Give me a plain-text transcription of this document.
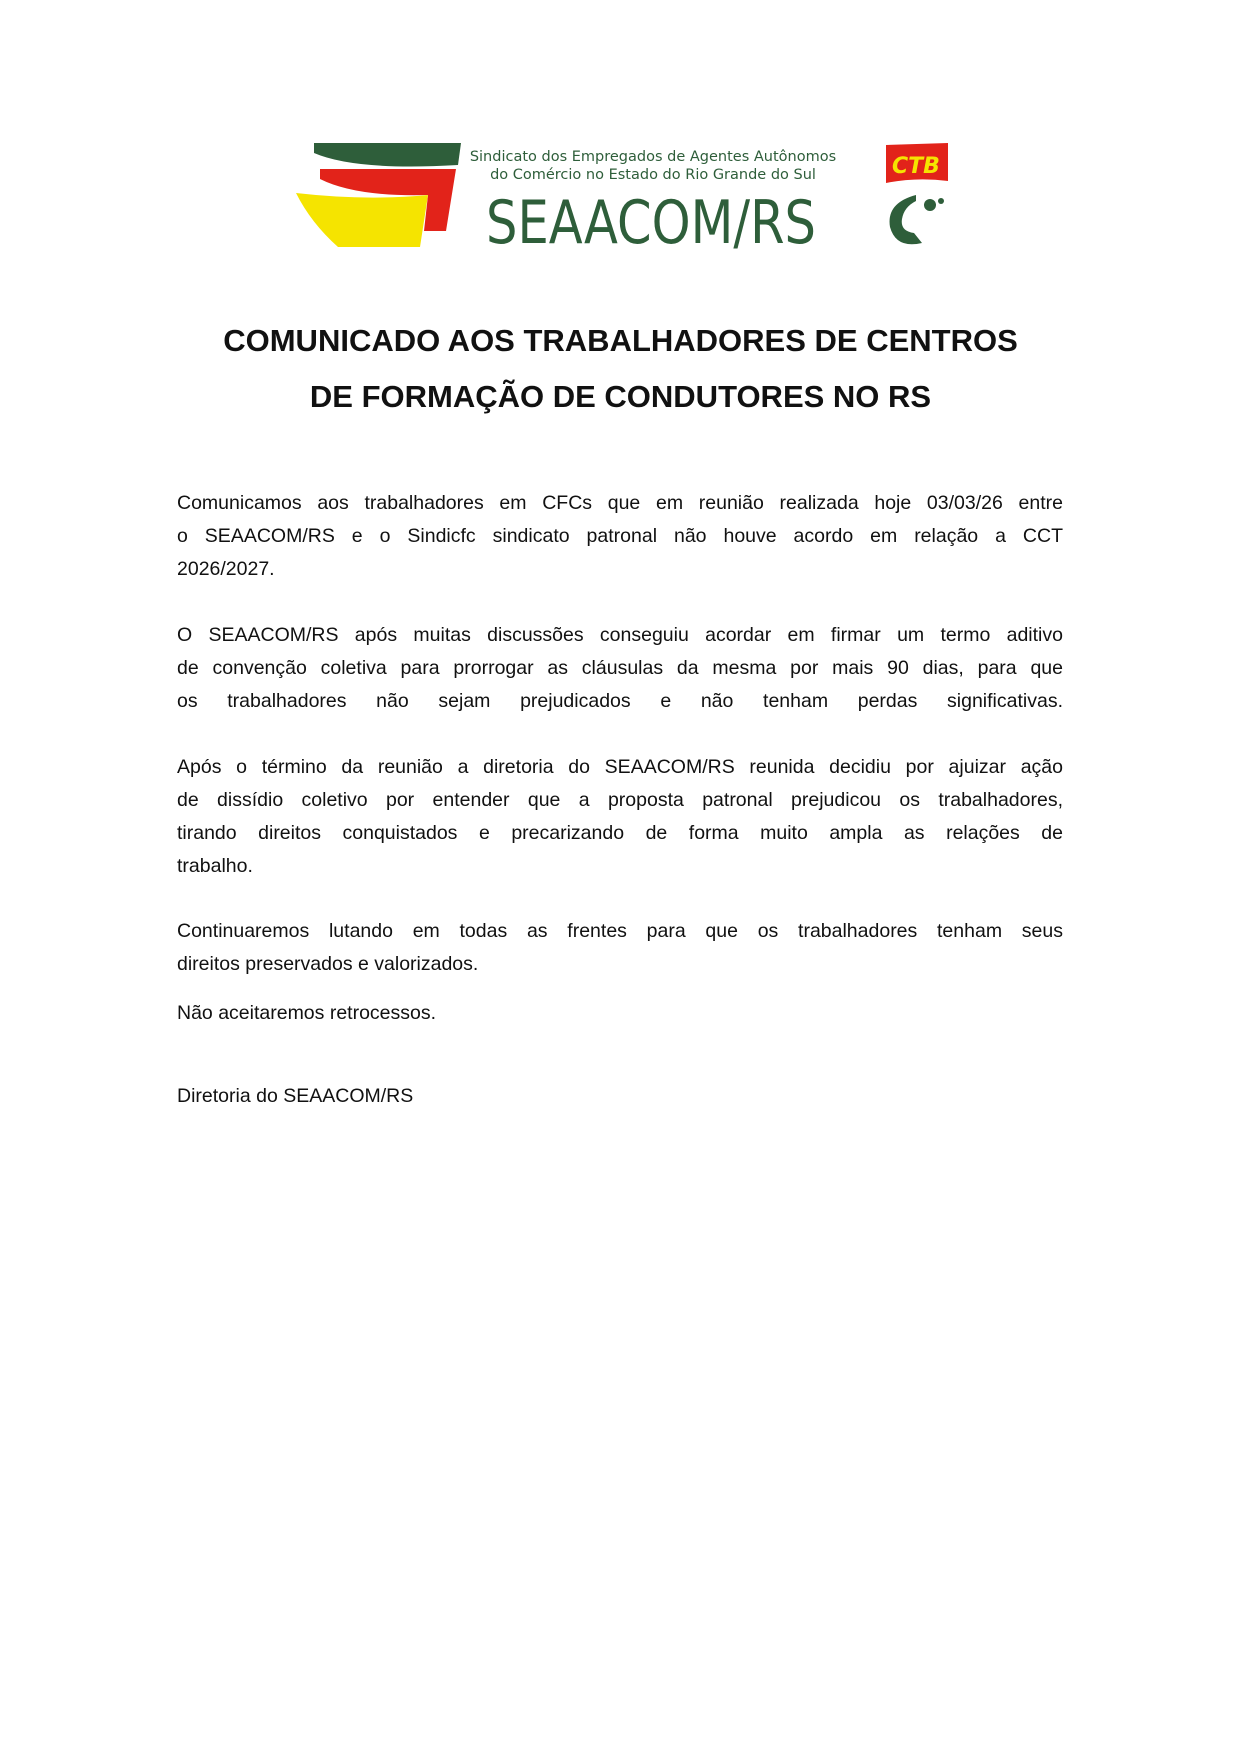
Sindicato dos Empregados de Agentes Autônomos
do Comércio no Estado do Rio Grande do Sul
SEAACOM/RS
CTB
COMUNICADO AOS TRABALHADORES DE CENTROS
DE FORMAÇÃO DE CONDUTORES NO RS
Comunicamos aos trabalhadores em CFCs que em reunião realizada hoje 03/03/26 entre
o SEAACOM/RS e o Sindicfc sindicato patronal não houve acordo em relação a CCT
2026/2027.
O SEAACOM/RS após muitas discussões conseguiu acordar em firmar um termo aditivo
de convenção coletiva para prorrogar as cláusulas da mesma por mais 90 dias, para que
os trabalhadores não sejam prejudicados e não tenham perdas significativas.
Após o término da reunião a diretoria do SEAACOM/RS reunida decidiu por ajuizar ação
de dissídio coletivo por entender que a proposta patronal prejudicou os trabalhadores,
tirando direitos conquistados e precarizando de forma muito ampla as relações de
trabalho.
Continuaremos lutando em todas as frentes para que os trabalhadores tenham seus
direitos preservados e valorizados.
Não aceitaremos retrocessos.
Diretoria do SEAACOM/RS
